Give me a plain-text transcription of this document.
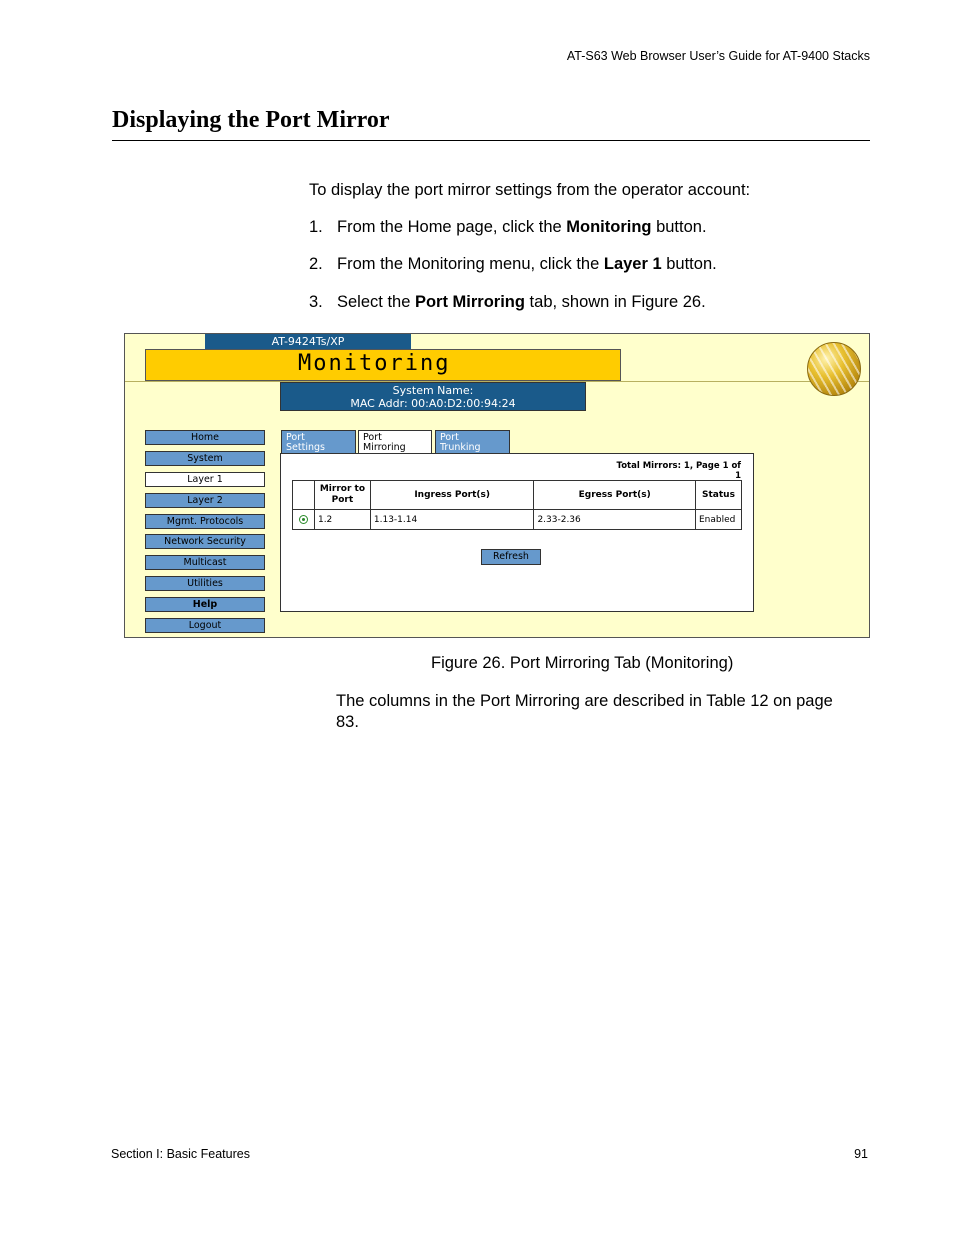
AT-S63 Web Browser User’s Guide for AT-9400 Stacks
Displaying the Port Mirror
To display the port mirror settings from the operator account:
1. From the Home page, click the Monitoring button.
2. From the Monitoring menu, click the Layer 1 button.
3. Select the Port Mirroring tab, shown in Figure 26.
AT-9424Ts/XP
Monitoring
System Name:
MAC Addr: 00:A0:D2:00:94:24
Home
System
Layer 1
Layer 2
Mgmt. Protocols
Network Security
Multicast
Utilities
Help
Logout
Port
Settings
Port
Mirroring
Port
Trunking
Total Mirrors: 1, Page 1 of 1
	Mirror to Port	Ingress Port(s)	Egress Port(s)	Status
	1.2	1.13-1.14	2.33-2.36	Enabled
Refresh
Figure 26. Port Mirroring Tab (Monitoring)
The columns in the Port Mirroring are described in Table 12 on page 83.
Section I: Basic Features	91
